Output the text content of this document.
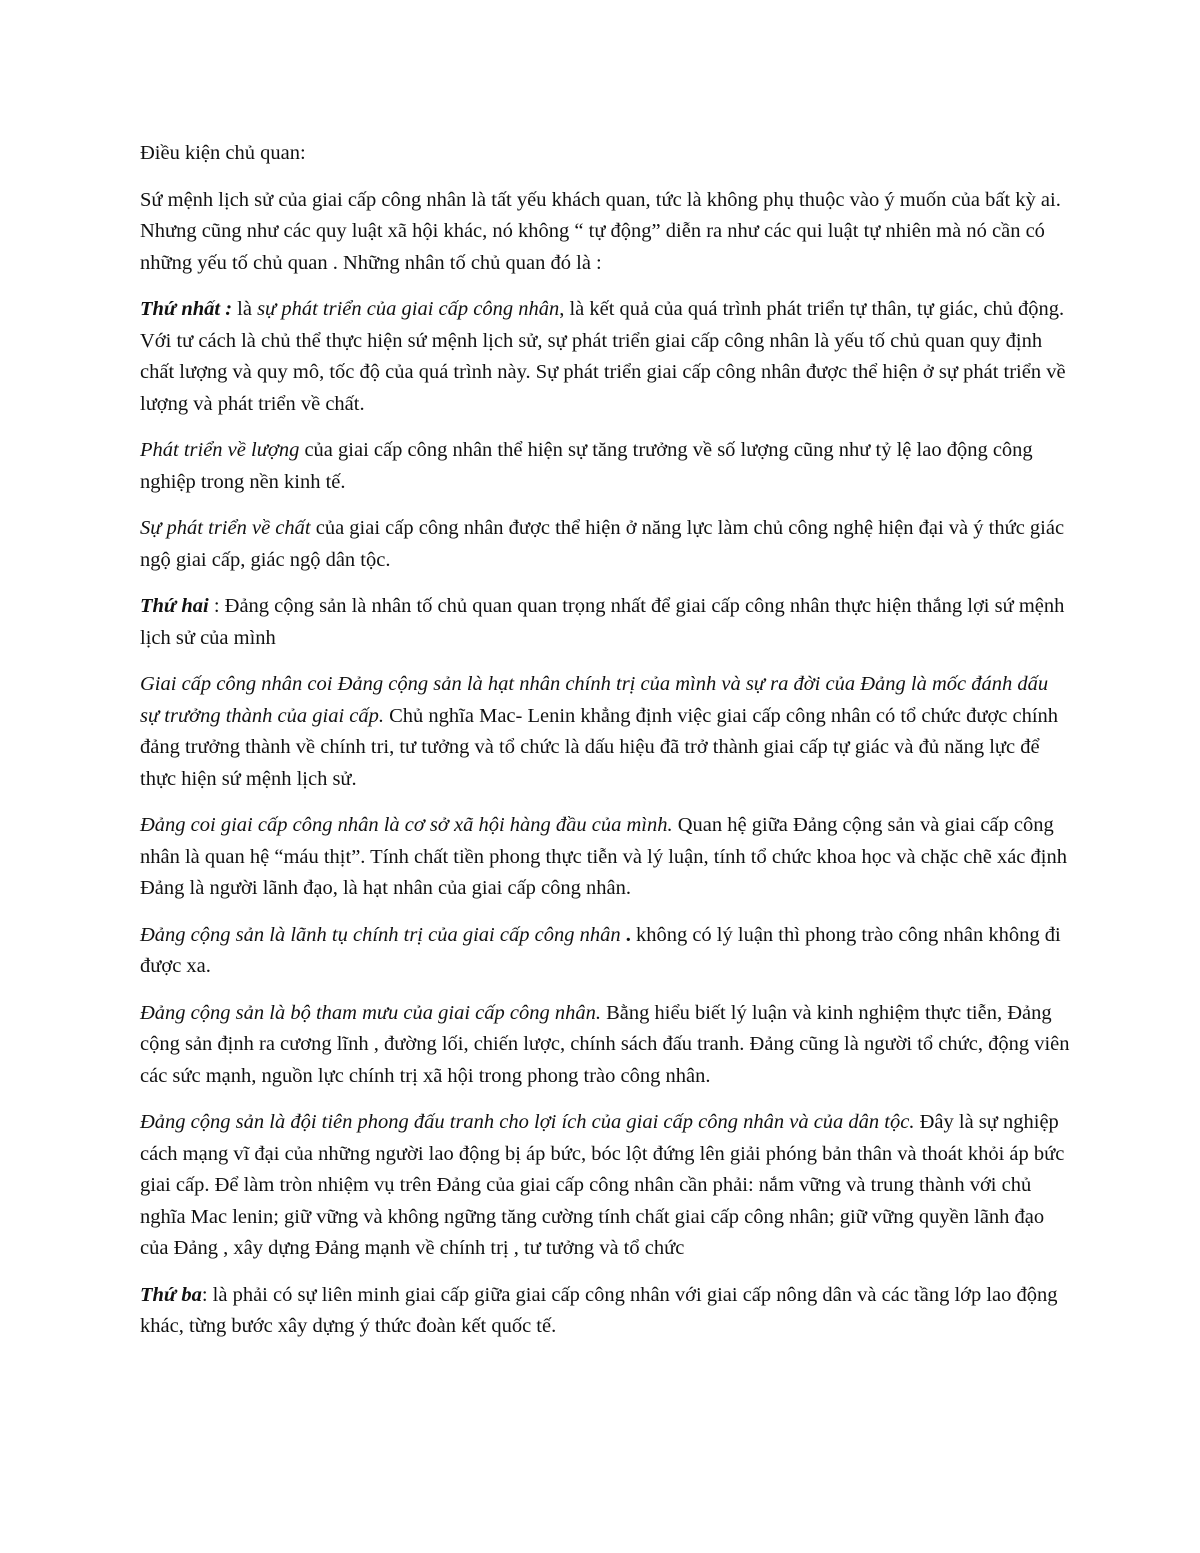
Điều kiện chủ quan:

Sứ mệnh lịch sử của giai cấp công nhân là tất yếu khách quan, tức là không phụ thuộc vào ý muốn của bất kỳ ai. Nhưng cũng như các quy luật xã hội khác, nó không “ tự động” diễn ra như các qui luật tự nhiên mà nó cần có những yếu tố chủ quan . Những nhân tố chủ quan đó là :

Thứ nhất : là sự phát triển của giai cấp công nhân, là kết quả của quá trình phát triển tự thân, tự giác, chủ động. Với tư cách là chủ thể thực hiện sứ mệnh lịch sử, sự phát triển giai cấp công nhân là yếu tố chủ quan quy định chất lượng và quy mô, tốc độ của quá trình này. Sự phát triển giai cấp công nhân được thể hiện ở sự phát triển về lượng và phát triển về chất.

Phát triển về lượng của giai cấp công nhân thể hiện sự tăng trưởng về số lượng cũng như tỷ lệ lao động công nghiệp trong nền kinh tế.

Sự phát triển về chất của giai cấp công nhân được thể hiện ở năng lực làm chủ công nghệ hiện đại và ý thức giác ngộ giai cấp, giác ngộ dân tộc.

Thứ hai : Đảng cộng sản là nhân tố chủ quan quan trọng nhất để giai cấp công nhân thực hiện thắng lợi sứ mệnh lịch sử của mình

Giai cấp công nhân coi Đảng cộng sản là hạt nhân chính trị của mình và sự ra đời của Đảng là mốc đánh dấu sự trưởng thành của giai cấp. Chủ nghĩa Mac- Lenin khẳng định việc giai cấp công nhân có tổ chức được chính đảng trưởng thành về chính tri, tư tưởng và tổ chức là dấu hiệu đã trở thành giai cấp tự giác và đủ năng lực để thực hiện sứ mệnh lịch sử.

Đảng coi giai cấp công nhân là cơ sở xã hội hàng đầu của mình. Quan hệ giữa Đảng cộng sản và giai cấp công nhân là quan hệ “máu thịt”. Tính chất tiền phong thực tiễn và lý luận, tính tổ chức khoa học và chặc chẽ xác định Đảng là người lãnh đạo, là hạt nhân của giai cấp công nhân.

Đảng cộng sản là lãnh tụ chính trị của giai cấp công nhân . không có lý luận thì phong trào công nhân không đi được xa.

Đảng cộng sản là bộ tham mưu của giai cấp công nhân. Bằng hiểu biết lý luận và kinh nghiệm thực tiễn, Đảng cộng sản định ra cương lĩnh , đường lối, chiến lược, chính sách đấu tranh. Đảng cũng là người tổ chức, động viên các sức mạnh, nguồn lực chính trị xã hội trong phong trào công nhân.

Đảng cộng sản là đội tiên phong đấu tranh cho lợi ích của giai cấp công nhân và của dân tộc. Đây là sự nghiệp cách mạng vĩ đại của những người lao động bị áp bức, bóc lột đứng lên giải phóng bản thân và thoát khỏi áp bức giai cấp. Để làm tròn nhiệm vụ trên Đảng của giai cấp công nhân cần phải: nắm vững và trung thành với chủ nghĩa Mac lenin; giữ vững và không ngững tăng cường tính chất giai cấp công nhân; giữ vững quyền lãnh đạo của Đảng , xây dựng Đảng mạnh về chính trị , tư tưởng và tổ chức

Thứ ba: là phải có sự liên minh giai cấp giữa giai cấp công nhân với giai cấp nông dân và các tầng lớp lao động khác, từng bước xây dựng ý thức đoàn kết quốc tế.
